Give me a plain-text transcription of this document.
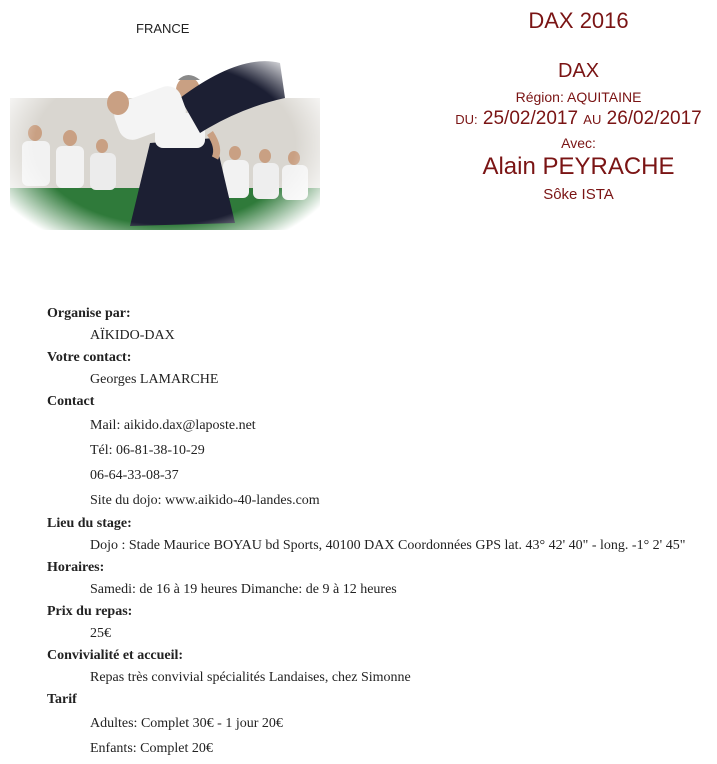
FRANCE	DAX 2016
DAX
Région: AQUITAINE
DU: 25/02/2017 AU 26/02/2017
Avec:
Alain PEYRACHE
Sôke ISTA
Organise par:
AÏKIDO-DAX
Votre contact:
Georges LAMARCHE
Contact
Mail: aikido.dax@laposte.net
Tél: 06-81-38-10-29
06-64-33-08-37
Site du dojo: www.aikido-40-landes.com
Lieu du stage:
Dojo : Stade Maurice BOYAU bd Sports, 40100 DAX Coordonnées GPS lat. 43° 42' 40" - long. -1° 2' 45"
Horaires:
Samedi: de 16 à 19 heures Dimanche: de 9 à 12 heures
Prix du repas:
25€
Convivialité et accueil:
Repas très convivial spécialités Landaises, chez Simonne
Tarif
Adultes: Complet 30€ - 1 jour 20€
Enfants: Complet 20€
